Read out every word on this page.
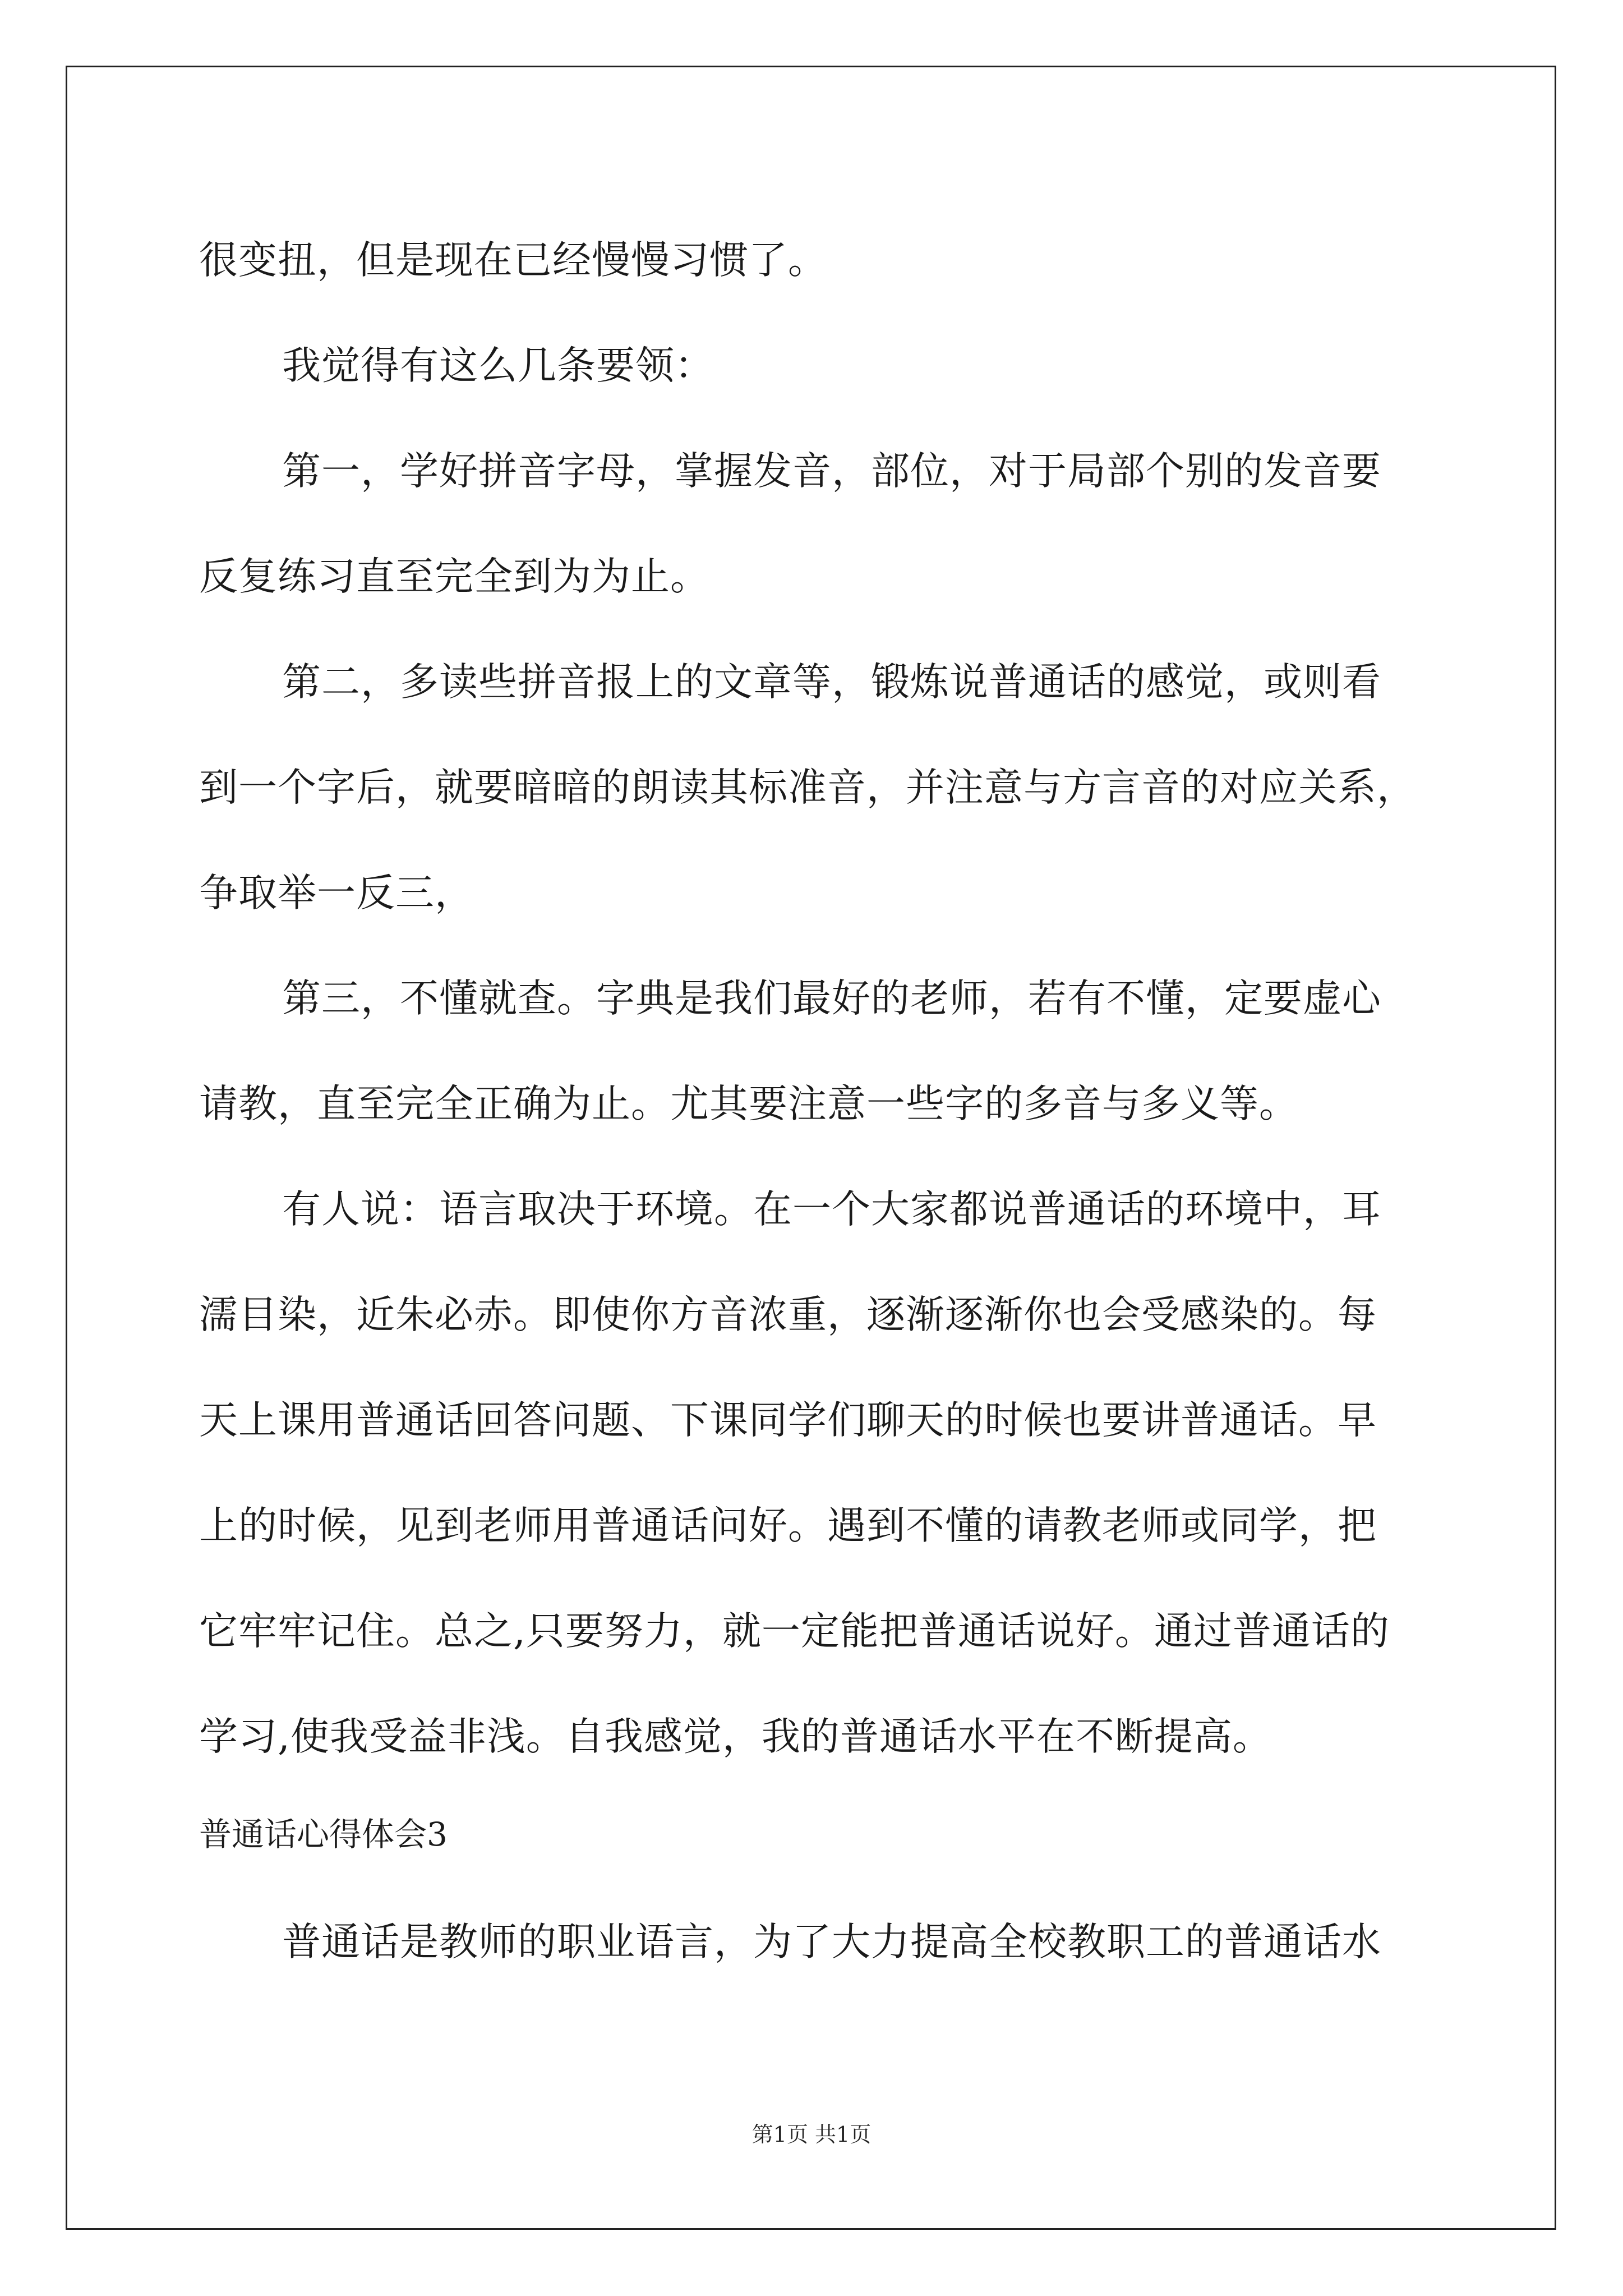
很变扭，但是现在已经慢慢习惯了。
我觉得有这么几条要领：
第一，学好拼音字母，掌握发音，部位，对于局部个别的发音要
反复练习直至完全到为为止。
第二，多读些拼音报上的文章等，锻炼说普通话的感觉，或则看
到一个字后，就要暗暗的朗读其标准音，并注意与方言音的对应关系，
争取举一反三，
第三，不懂就查。字典是我们最好的老师，若有不懂，定要虚心
请教，直至完全正确为止。尤其要注意一些字的多音与多义等。
有人说：语言取决于环境。在一个大家都说普通话的环境中，耳
濡目染，近朱必赤。即使你方音浓重，逐渐逐渐你也会受感染的。每
天上课用普通话回答问题、下课同学们聊天的时候也要讲普通话。早
上的时候，见到老师用普通话问好。遇到不懂的请教老师或同学，把
它牢牢记住。总之,只要努力，就一定能把普通话说好。通过普通话的
学习,使我受益非浅。自我感觉，我的普通话水平在不断提高。
普通话心得体会3
普通话是教师的职业语言，为了大力提高全校教职工的普通话水
第1页 共1页
